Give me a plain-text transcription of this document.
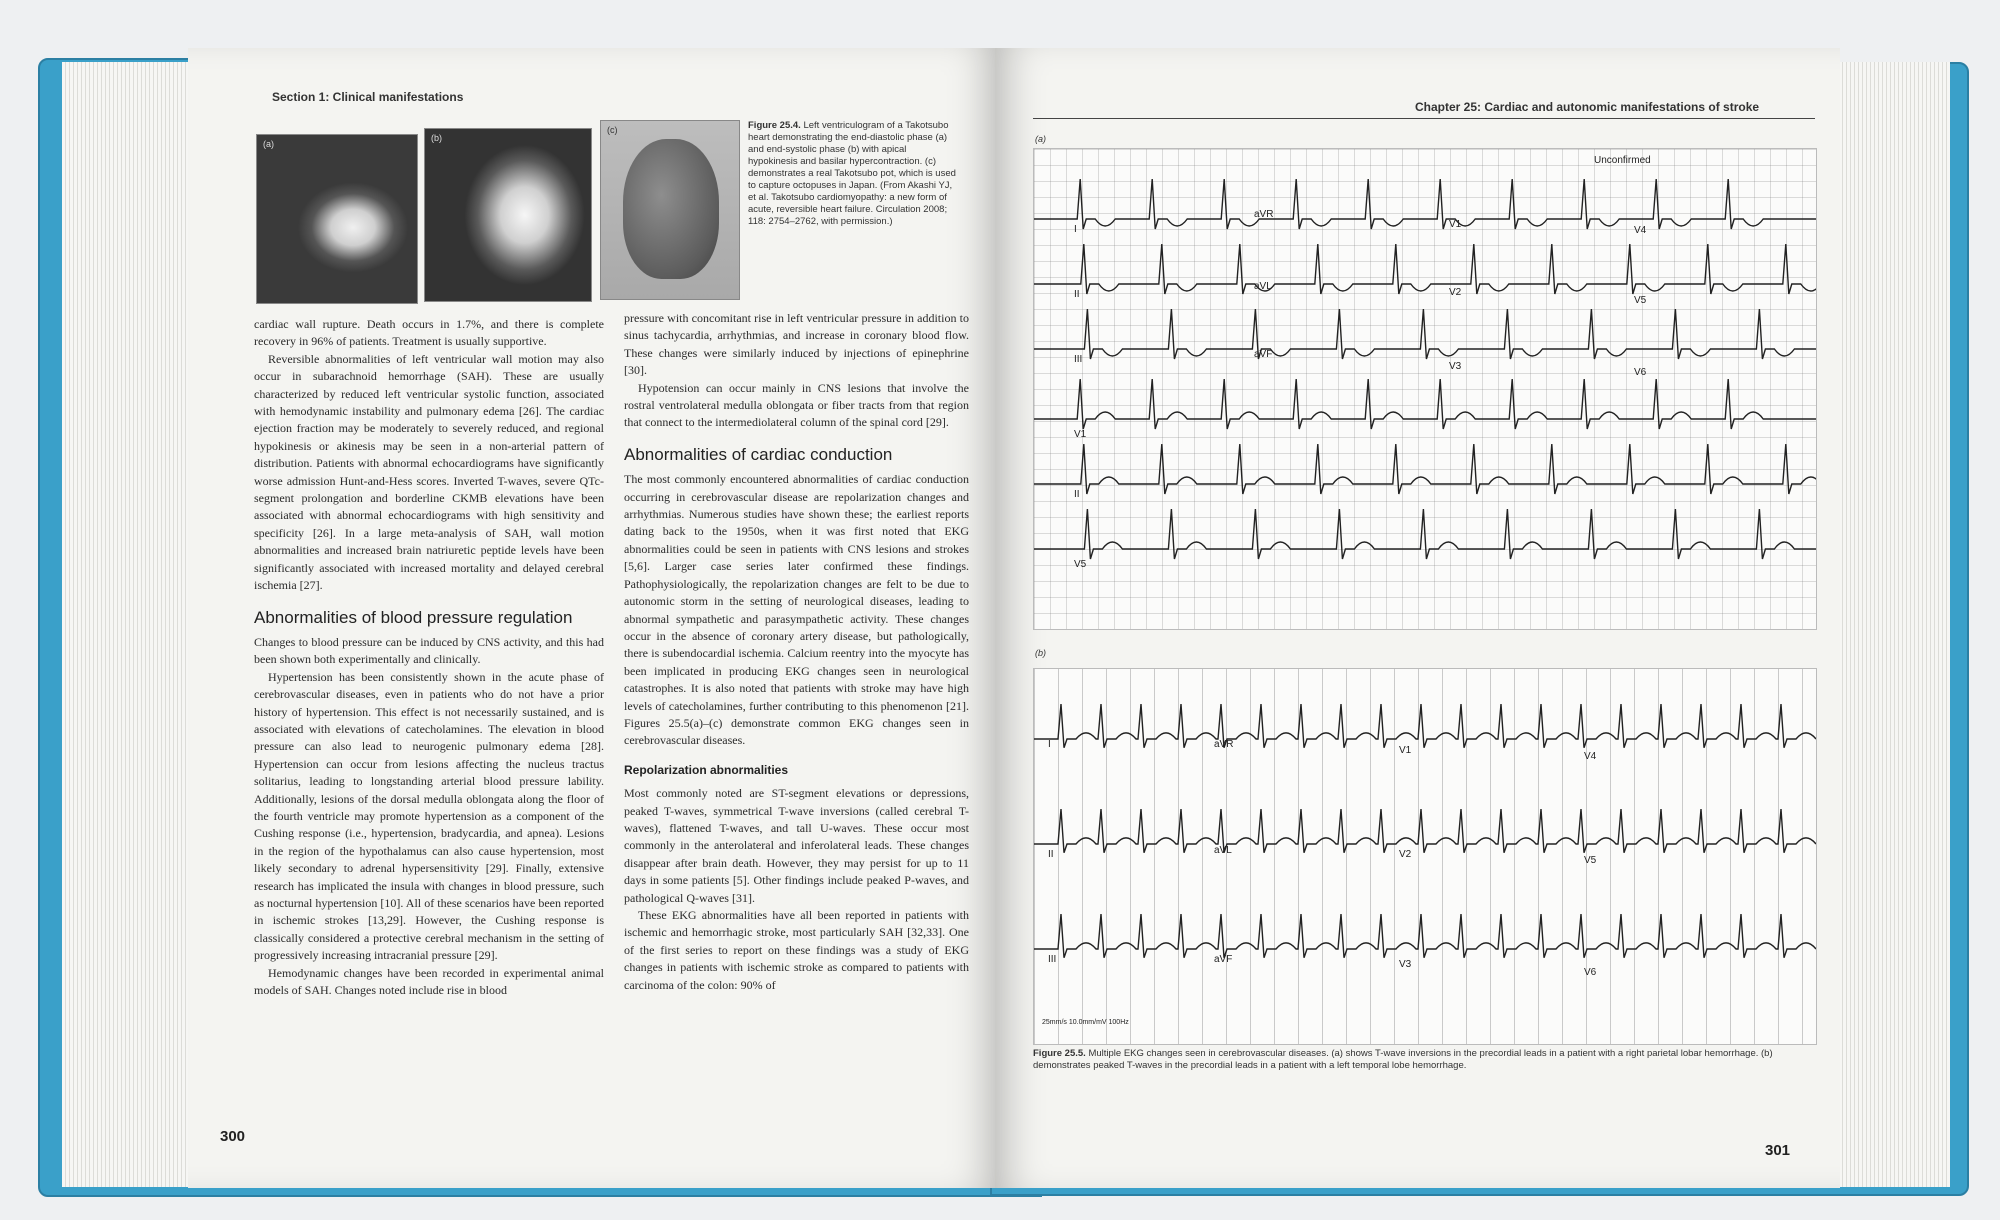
Section 1: Clinical manifestations
(a)
(b)
(c)	Figure 25.4. Left ventriculogram of a Takotsubo heart demonstrating the end-diastolic phase (a) and end-systolic phase (b) with apical hypokinesis and basilar hypercontraction. (c) demonstrates a real Takotsubo pot, which is used to capture octopuses in Japan. (From Akashi YJ, et al. Takotsubo cardiomyopathy: a new form of acute, reversible heart failure. Circulation 2008; 118: 2754–2762, with permission.)

cardiac wall rupture. Death occurs in 1.7%, and there is complete recovery in 96% of patients. Treatment is usually supportive.

Reversible abnormalities of left ventricular wall motion may also occur in subarachnoid hemorrhage (SAH). These are usually characterized by reduced left ventricular systolic function, associated with hemodynamic instability and pulmonary edema [26]. The cardiac ejection fraction may be moderately to severely reduced, and regional hypokinesis or akinesis may be seen in a non-arterial pattern of distribution. Patients with abnormal echocardiograms have significantly worse admission Hunt-and-Hess scores. Inverted T-waves, severe QTc-segment prolongation and borderline CKMB elevations have been associated with abnormal echocardiograms with high sensitivity and specificity [26]. In a large meta-analysis of SAH, wall motion abnormalities and increased brain natriuretic peptide levels have been significantly associated with increased mortality and delayed cerebral ischemia [27].

Abnormalities of blood pressure regulation

Changes to blood pressure can be induced by CNS activity, and this had been shown both experimentally and clinically.

Hypertension has been consistently shown in the acute phase of cerebrovascular diseases, even in patients who do not have a prior history of hypertension. This effect is not necessarily sustained, and is associated with elevations of catecholamines. The elevation in blood pressure can also lead to neurogenic pulmonary edema [28]. Hypertension can occur from lesions affecting the nucleus tractus solitarius, leading to longstanding arterial blood pressure lability. Additionally, lesions of the dorsal medulla oblongata along the floor of the fourth ventricle may promote hypertension as a component of the Cushing response (i.e., hypertension, bradycardia, and apnea). Lesions in the region of the hypothalamus can also cause hypertension, most likely secondary to adrenal hypersensitivity [29]. Finally, extensive research has implicated the insula with changes in blood pressure, such as nocturnal hypertension [10]. All of these scenarios have been reported in ischemic strokes [13,29]. However, the Cushing response is classically considered a protective cerebral mechanism in the setting of progressively increasing intracranial pressure [29].

Hemodynamic changes have been recorded in experimental animal models of SAH. Changes noted include rise in blood

pressure with concomitant rise in left ventricular pressure in addition to sinus tachycardia, arrhythmias, and increase in coronary blood flow. These changes were similarly induced by injections of epinephrine [30].

Hypotension can occur mainly in CNS lesions that involve the rostral ventrolateral medulla oblongata or fiber tracts from that region that connect to the intermediolateral column of the spinal cord [29].

Abnormalities of cardiac conduction

The most commonly encountered abnormalities of cardiac conduction occurring in cerebrovascular disease are repolarization changes and arrhythmias. Numerous studies have shown these; the earliest reports dating back to the 1950s, when it was first noted that EKG abnormalities could be seen in patients with CNS lesions and strokes [5,6]. Larger case series later confirmed these findings. Pathophysiologically, the repolarization changes are felt to be due to autonomic storm in the setting of neurological diseases, leading to abnormal sympathetic and parasympathetic activity. These changes occur in the absence of coronary artery disease, but pathologically, there is subendocardial ischemia. Calcium reentry into the myocyte has been implicated in producing EKG changes seen in neurological catastrophes. It is also noted that patients with stroke may have high levels of catecholamines, further contributing to this phenomenon [21]. Figures 25.5(a)–(c) demonstrate common EKG changes seen in cerebrovascular diseases.

Repolarization abnormalities

Most commonly noted are ST-segment elevations or depressions, peaked T-waves, symmetrical T-wave inversions (called cerebral T-waves), flattened T-waves, and tall U-waves. These occur most commonly in the anterolateral and inferolateral leads. These changes disappear after brain death. However, they may persist for up to 11 days in some patients [5]. Other findings include peaked P-waves, and pathological Q-waves [31].

These EKG abnormalities have all been reported in patients with ischemic and hemorrhagic stroke, most particularly SAH [32,33]. One of the first series to report on these findings was a study of EKG changes in patients with ischemic stroke as compared to patients with carcinoma of the colon: 90% of

300
Chapter 25: Cardiac and autonomic manifestations of stroke
(a)
Unconfirmed
I
aVR
V1
V4
II
aVL
V2
V5
III	aVF
V3
V6
V1
II
V5
(b)
I	aVR
V1
V4
II	aVL	V2
V5
III	aVF	V3
V6
25mm/s 10.0mm/mV 100Hz
Figure 25.5. Multiple EKG changes seen in cerebrovascular diseases. (a) shows T-wave inversions in the precordial leads in a patient with a right parietal lobar hemorrhage. (b) demonstrates peaked T-waves in the precordial leads in a patient with a left temporal lobe hemorrhage.
301
